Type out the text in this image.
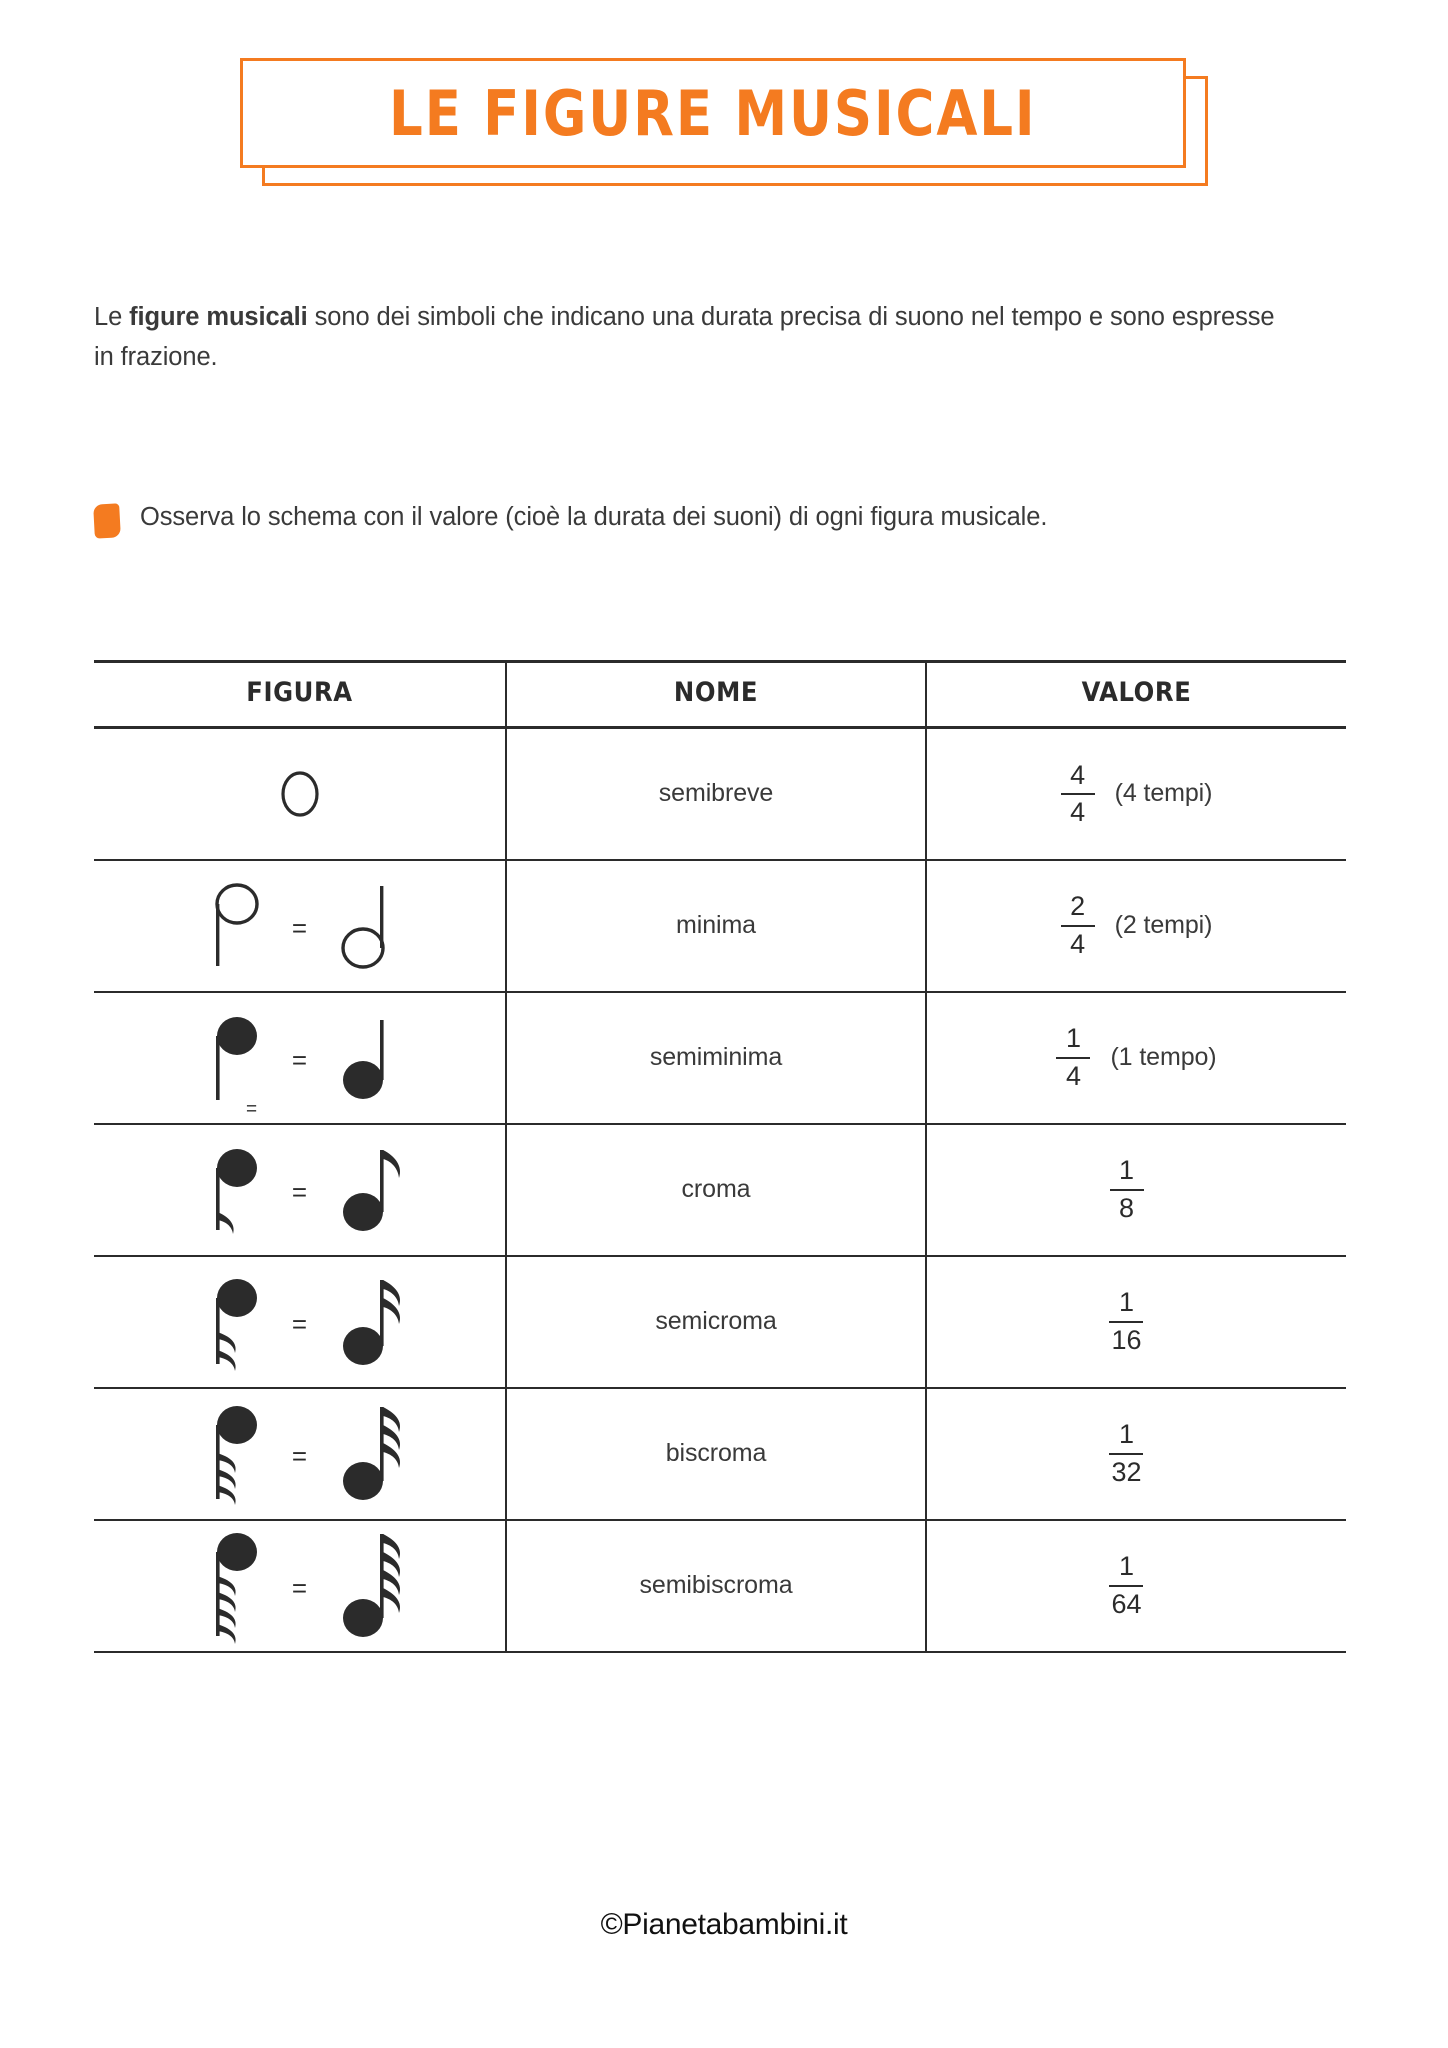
LE FIGURE MUSICALI

Le figure musicali sono dei simboli che indicano una durata precisa di suono nel tempo e sono espresse in frazione.

Osserva lo schema con il valore (cioè la durata dei suoni) di ogni figura musicale.
FIGURA	NOME	VALORE

	semibreve	$\frac{4}{4} (4$ tempi)

=	minima	$\frac{2}{4} (2$ tempi)

=
=	semiminima	$\frac{1}{4} (1$ tempo)

=	croma	$\frac{1}{8}$

=	semicroma	$\frac{1}{16}$

=	biscroma	$\frac{1}{32}$

=	semibiscroma	$\frac{1}{64}$
©Pianetabambini.it
